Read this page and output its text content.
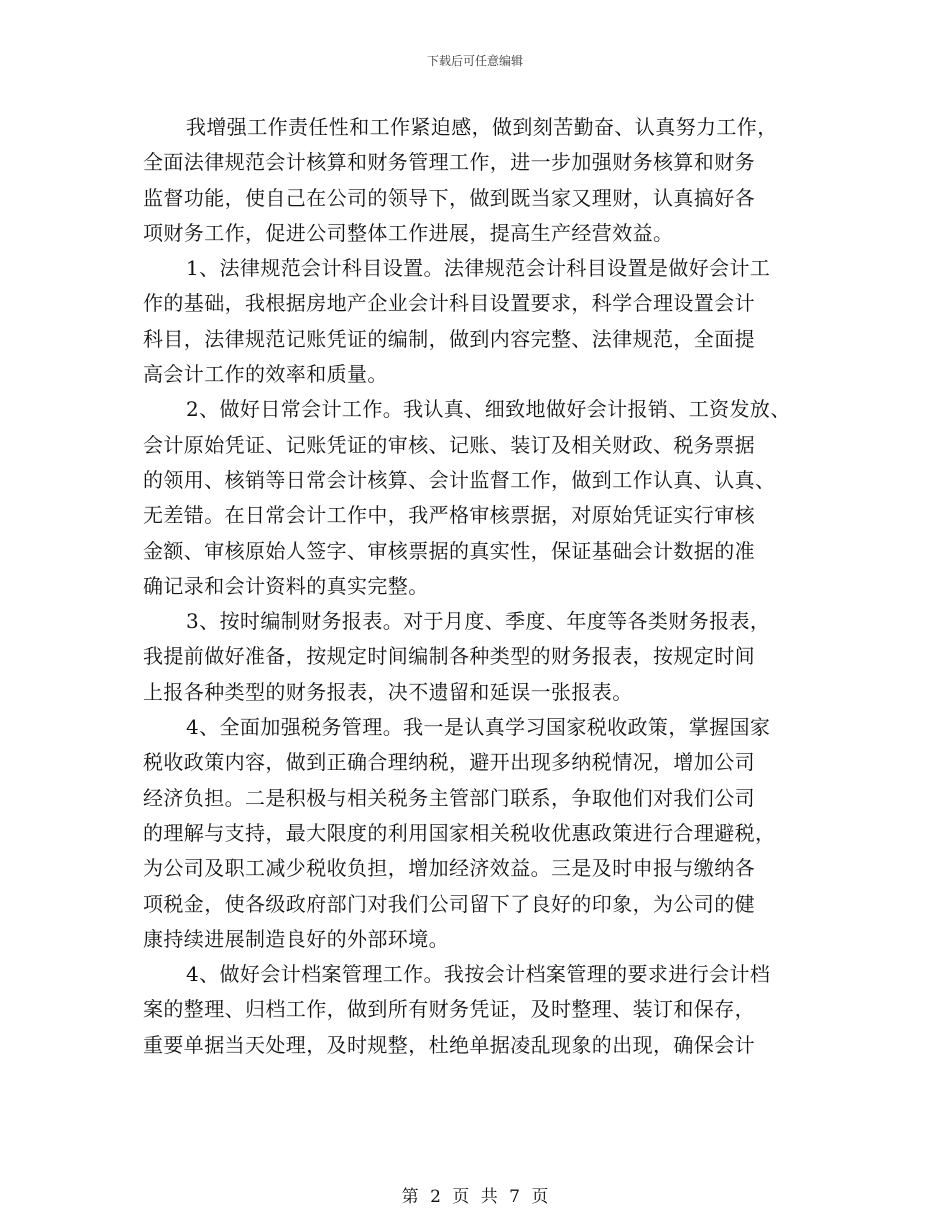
下载后可任意编辑
我增强工作责任性和工作紧迫感，做到刻苦勤奋、认真努力工作，
全面法律规范会计核算和财务管理工作，进一步加强财务核算和财务
监督功能，使自己在公司的领导下，做到既当家又理财，认真搞好各
项财务工作，促进公司整体工作进展，提高生产经营效益。
1、法律规范会计科目设置。法律规范会计科目设置是做好会计工
作的基础，我根据房地产企业会计科目设置要求，科学合理设置会计
科目，法律规范记账凭证的编制，做到内容完整、法律规范，全面提
高会计工作的效率和质量。
2、做好日常会计工作。我认真、细致地做好会计报销、工资发放、
会计原始凭证、记账凭证的审核、记账、装订及相关财政、税务票据
的领用、核销等日常会计核算、会计监督工作，做到工作认真、认真、
无差错。在日常会计工作中，我严格审核票据，对原始凭证实行审核
金额、审核原始人签字、审核票据的真实性，保证基础会计数据的准
确记录和会计资料的真实完整。
3、按时编制财务报表。对于月度、季度、年度等各类财务报表，
我提前做好准备，按规定时间编制各种类型的财务报表，按规定时间
上报各种类型的财务报表，决不遗留和延误一张报表。
4、全面加强税务管理。我一是认真学习国家税收政策，掌握国家
税收政策内容，做到正确合理纳税，避开出现多纳税情况，增加公司
经济负担。二是积极与相关税务主管部门联系，争取他们对我们公司
的理解与支持，最大限度的利用国家相关税收优惠政策进行合理避税，
为公司及职工减少税收负担，增加经济效益。三是及时申报与缴纳各
项税金，使各级政府部门对我们公司留下了良好的印象，为公司的健
康持续进展制造良好的外部环境。
4、做好会计档案管理工作。我按会计档案管理的要求进行会计档
案的整理、归档工作，做到所有财务凭证，及时整理、装订和保存，
重要单据当天处理，及时规整，杜绝单据凌乱现象的出现，确保会计
第 2 页 共 7 页
